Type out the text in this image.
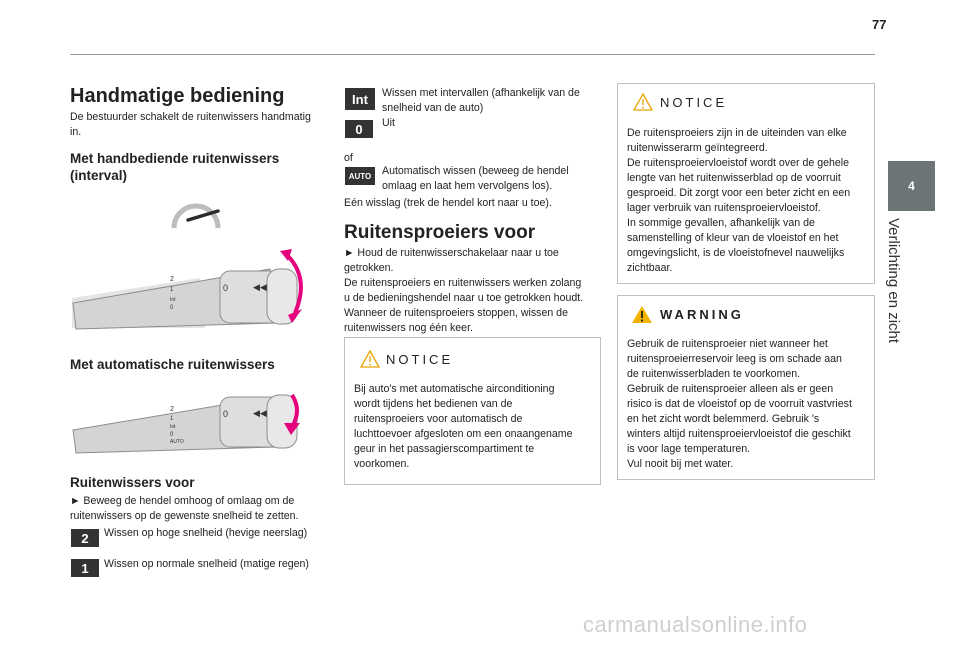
77
4
Verlichting en zicht
Handmatige bediening
De bestuurder schakelt de ruitenwissers handmatig
in.
Met handbediende ruitenwissers
(interval)
2
1
Int
0
0	◀◀
Met automatische ruitenwissers
2
1
Int
0
AUTO
0	◀◀
Ruitenwissers voor
► Beweeg de hendel omhoog of omlaag om de
ruitenwissers op de gewenste snelheid te zetten.
2	Wissen op hoge snelheid (hevige neerslag)
1	Wissen op normale snelheid (matige regen)
Int	Wissen met intervallen (afhankelijk van de
snelheid van de auto)
0	Uit
of
AUTO	Automatisch wissen (beweeg de hendel
omlaag en laat hem vervolgens los).
Eén wisslag (trek de hendel kort naar u toe).
Ruitensproeiers voor
► Houd de ruitenwisserschakelaar naar u toe
getrokken.
De ruitensproeiers en ruitenwissers werken zolang
u de bedieningshendel naar u toe getrokken houdt.
Wanneer de ruitensproeiers stoppen, wissen de
ruitenwissers nog één keer.
NOTICE
Bij auto's met automatische airconditioning
wordt tijdens het bedienen van de
ruitensproeiers voor automatisch de
luchttoevoer afgesloten om een onaangename
geur in het passagierscompartiment te
voorkomen.
NOTICE
De ruitensproeiers zijn in de uiteinden van elke
ruitenwisserarm geïntegreerd.
De ruitensproeiervloeistof wordt over de gehele
lengte van het ruitenwisserblad op de voorruit
gesproeid. Dit zorgt voor een beter zicht en een
lager verbruik van ruitensproeiervloeistof.
In sommige gevallen, afhankelijk van de
samenstelling of kleur van de vloeistof en het
omgevingslicht, is de vloeistofnevel nauwelijks
zichtbaar.
WARNING
Gebruik de ruitensproeier niet wanneer het
ruitensproeierreservoir leeg is om schade aan
de ruitenwisserbladen te voorkomen.
Gebruik de ruitensproeier alleen als er geen
risico is dat de vloeistof op de voorruit vastvriest
en het zicht wordt belemmerd. Gebruik 's
winters altijd ruitensproeiervloeistof die geschikt
is voor lage temperaturen.
Vul nooit bij met water.
carmanualsonline.info
